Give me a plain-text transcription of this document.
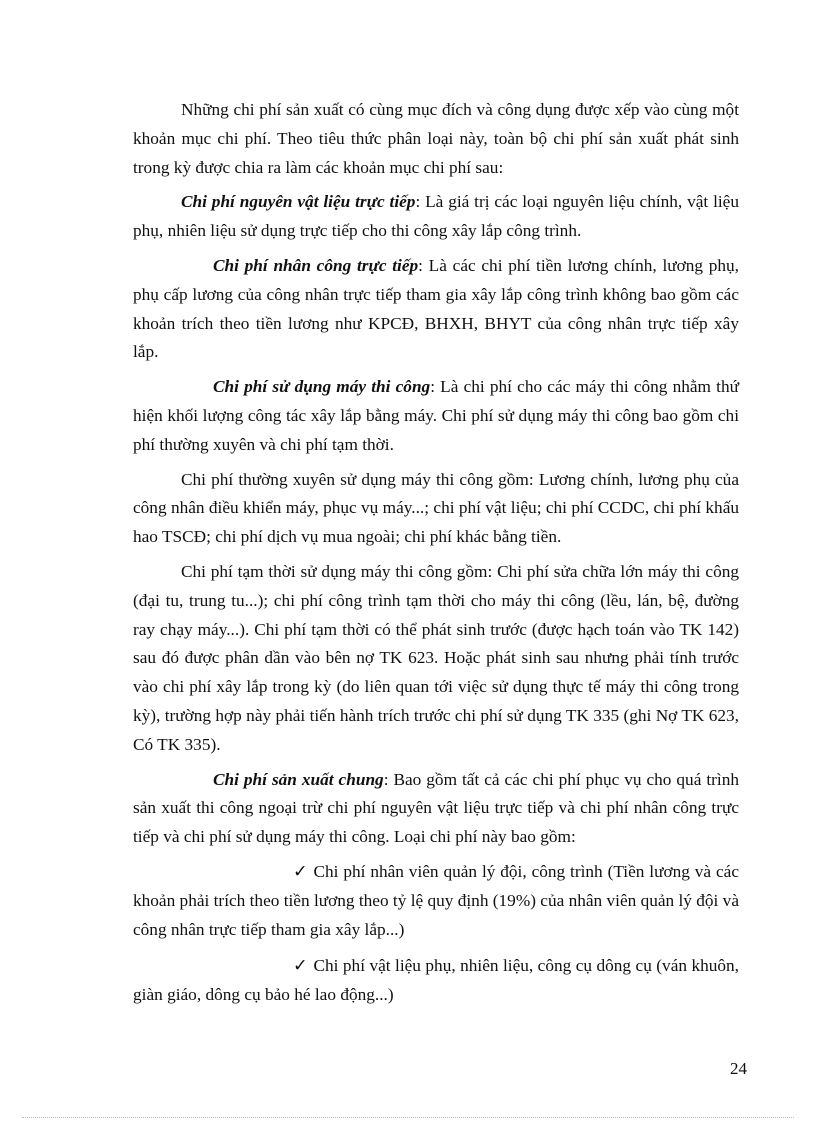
Những chi phí sản xuất có cùng mục đích và công dụng được xếp vào cùng một khoản mục chi phí. Theo tiêu thức phân loại này, toàn bộ chi phí sản xuất phát sinh trong kỳ được chia ra làm các khoản mục chi phí sau:

Chi phí nguyên vật liệu trực tiếp: Là giá trị các loại nguyên liệu chính, vật liệu phụ, nhiên liệu sử dụng trực tiếp cho thi công xây lắp công trình.

Chi phí nhân công trực tiếp: Là các chi phí tiền lương chính, lương phụ, phụ cấp lương của công nhân trực tiếp tham gia xây lắp công trình không bao gồm các khoản trích theo tiền lương như KPCĐ, BHXH, BHYT của công nhân trực tiếp xây lắp.

Chi phí sử dụng máy thi công: Là chi phí cho các máy thi công nhằm thứ hiện khối lượng công tác xây lắp bằng máy. Chi phí sử dụng máy thi công bao gồm chi phí thường xuyên và chi phí tạm thời.

Chi phí thường xuyên sử dụng máy thi công gồm: Lương chính, lương phụ của công nhân điều khiển máy, phục vụ máy...; chi phí vật liệu; chi phí CCDC, chi phí khấu hao TSCĐ; chi phí dịch vụ mua ngoài; chi phí khác bằng tiền.

Chi phí tạm thời sử dụng máy thi công gồm: Chi phí sửa chữa lớn máy thi công (đại tu, trung tu...); chi phí công trình tạm thời cho máy thi công (lều, lán, bệ, đường ray chạy máy...). Chi phí tạm thời có thể phát sinh trước (được hạch toán vào TK 142) sau đó được phân dần vào bên nợ TK 623. Hoặc phát sinh sau nhưng phải tính trước vào chi phí xây lắp trong kỳ (do liên quan tới việc sử dụng thực tế máy thi công trong kỳ), trường hợp này phải tiến hành trích trước chi phí sử dụng TK 335 (ghi Nợ TK 623, Có TK 335).

Chi phí sản xuất chung: Bao gồm tất cả các chi phí phục vụ cho quá trình sản xuất thi công ngoại trừ chi phí nguyên vật liệu trực tiếp và chi phí nhân công trực tiếp và chi phí sử dụng máy thi công. Loại chi phí này bao gồm:

✓ Chi phí nhân viên quản lý đội, công trình (Tiền lương và các khoản phải trích theo tiền lương theo tỷ lệ quy định (19%) của nhân viên quản lý đội và công nhân trực tiếp tham gia xây lắp...)

✓ Chi phí vật liệu phụ, nhiên liệu, công cụ dông cụ (ván khuôn, giàn giáo, dông cụ bảo hé lao động...)

24
